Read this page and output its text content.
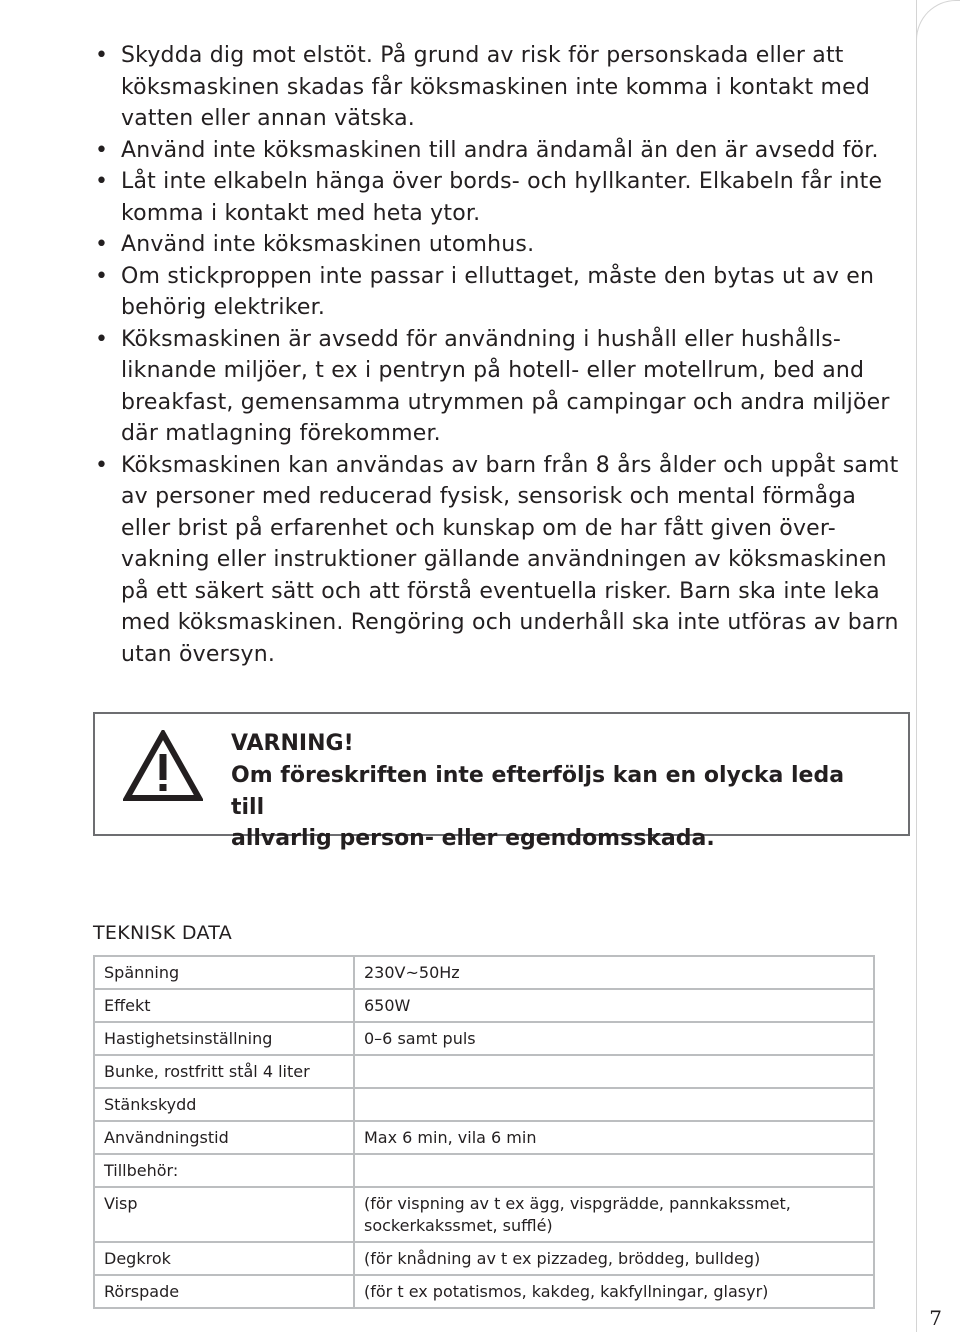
• Skydda dig mot elstöt. På grund av risk för personskada eller att
köksmaskinen skadas får köksmaskinen inte komma i kontakt med
vatten eller annan vätska.
• Använd inte köksmaskinen till andra ändamål än den är avsedd för.
• Låt inte elkabeln hänga över bords- och hyllkanter. Elkabeln får inte
komma i kontakt med heta ytor.
• Använd inte köksmaskinen utomhus.
• Om stickproppen inte passar i elluttaget, måste den bytas ut av en
behörig elektriker.
• Köksmaskinen är avsedd för användning i hushåll eller hushålls-
liknande miljöer, t ex i pentryn på hotell- eller motellrum, bed and
breakfast, gemensamma utrymmen på campingar och andra miljöer
där matlagning förekommer.
• Köksmaskinen kan användas av barn från 8 års ålder och uppåt samt
av personer med reducerad fysisk, sensorisk och mental förmåga
eller brist på erfarenhet och kunskap om de har fått given över-
vakning eller instruktioner gällande användningen av köksmaskinen
på ett säkert sätt och att förstå eventuella risker. Barn ska inte leka
med köksmaskinen. Rengöring och underhåll ska inte utföras av barn
utan översyn.

VARNING!

Om föreskriften inte efterföljs kan en olycka leda till
allvarlig person- eller egendomsskada.

TEKNISK DATA

Spänning	230V~50Hz
Effekt	650W
Hastighetsinställning	0–6 samt puls
Bunke, rostfritt stål 4 liter	
Stänkskydd	
Användningstid	Max 6 min, vila 6 min
Tillbehör:	
Visp	(för vispning av t ex ägg, vispgrädde, pannkakssmet,
sockerkakssmet, sufflé)
Degkrok	(för knådning av t ex pizzadeg, bröddeg, bulldeg)
Rörspade	(för t ex potatismos, kakdeg, kakfyllningar, glasyr)

7
